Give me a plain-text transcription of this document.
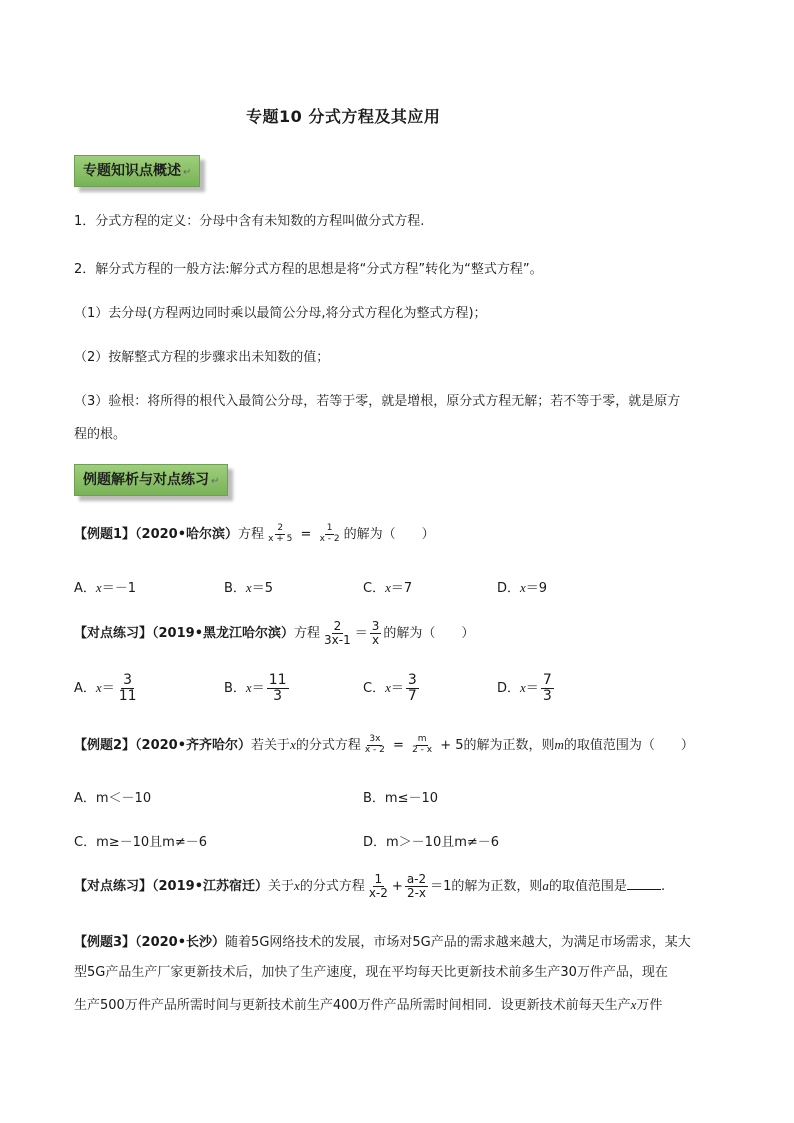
专题10 分式方程及其应用
专题知识点概述 ↵
1．分式方程的定义：分母中含有未知数的方程叫做分式方程.
2．解分式方程的一般方法:解分式方程的思想是将“分式方程”转化为“整式方程”。
（1）去分母(方程两边同时乘以最简公分母,将分式方程化为整式方程)；
（2）按解整式方程的步骤求出未知数的值；
（3）验根：将所得的根代入最简公分母，若等于零，就是增根，原分式方程无解；若不等于零，就是原方
程的根。
例题解析与对点练习 ↵
【例题1】（2020•哈尔滨）方程 $\frac{2}{x + 5} = \frac{1}{x - 2}$ 的解为（　　）
A．x＝－1	B．x＝5	C．x＝7	D．x＝9
【对点练习】（2019•黑龙江哈尔滨）方程 $\frac{2}{3x-1} = \frac{3}{x}$ 的解为（　　）
A．$x= \frac{3}{11}$	B．$x= \frac{11}{3}$	C．$x= \frac{3}{7}$	D．$x= \frac{7}{3}$
【例题2】（2020•齐齐哈尔）若关于x的分式方程 $\frac{3x}{x - 2} = \frac{m}{2 - x} + 5$的解为正数，则m的取值范围为（　　）
A．m＜－10	B．m≤－10
C．m≥－10且m≠－6	D．m＞－10且m≠－6
【对点练习】（2019•江苏宿迁）关于x的分式方程 $\frac{1}{x-2} + \frac{a-2}{2-x} =1$的解为正数，则a的取值范围是	.
【例题3】（2020•长沙）随着5G网络技术的发展，市场对5G产品的需求越来越大，为满足市场需求，某大
型5G产品生产厂家更新技术后，加快了生产速度，现在平均每天比更新技术前多生产30万件产品，现在
生产500万件产品所需时间与更新技术前生产400万件产品所需时间相同．设更新技术前每天生产x万件
